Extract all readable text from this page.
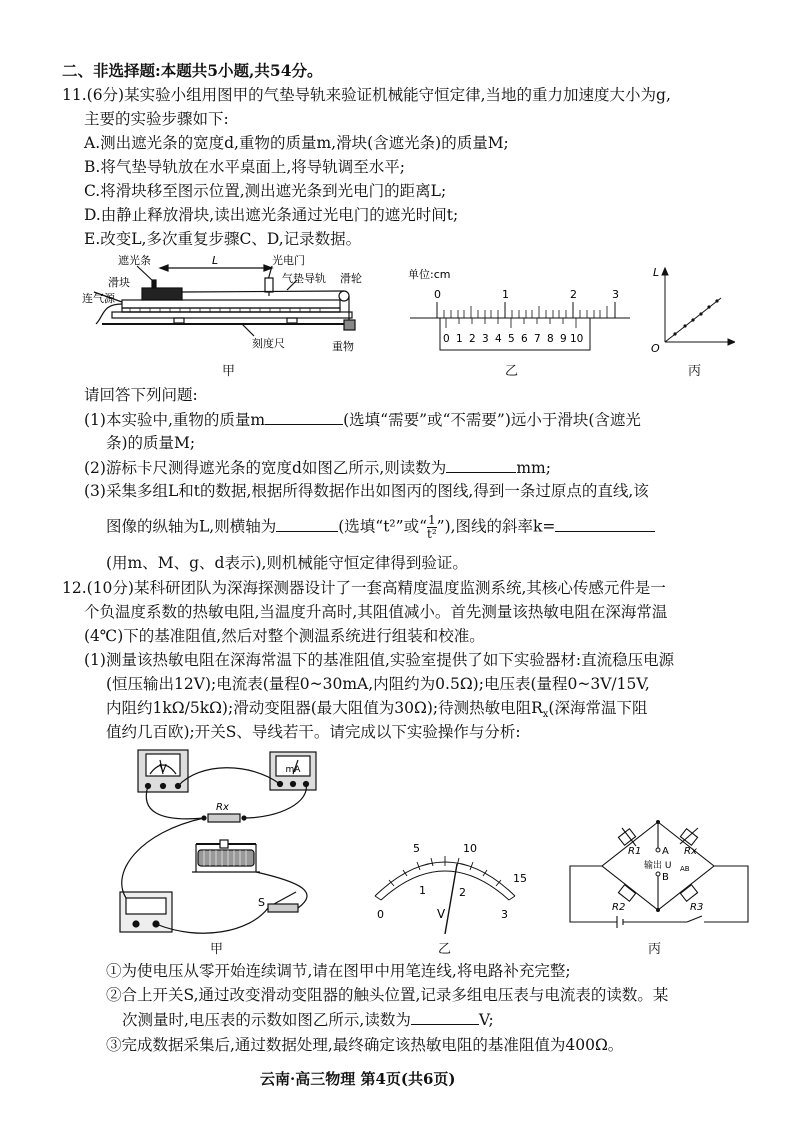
二、非选择题:本题共5小题,共54分。
11.(6分)某实验小组用图甲的气垫导轨来验证机械能守恒定律,当地的重力加速度大小为g,
主要的实验步骤如下:
A.测出遮光条的宽度d,重物的质量m,滑块(含遮光条)的质量M;
B.将气垫导轨放在水平桌面上,将导轨调至水平;
C.将滑块移至图示位置,测出遮光条到光电门的距离L;
D.由静止释放滑块,读出遮光条通过光电门的遮光时间t;
E.改变L,多次重复步骤C、D,记录数据。
遮光条
滑块
L	光电门
气垫导轨 滑轮
连气源
刻度尺	重物
甲
单位:cm
0	1	2	3
0 1 2 3 4 5 6 7 8 9 10
乙
L
O
丙
请回答下列问题:
(1)本实验中,重物的质量m	(选填“需要”或“不需要”)远小于滑块(含遮光
条)的质量M;
(2)游标卡尺测得遮光条的宽度d如图乙所示,则读数为	mm;
(3)采集多组L和t的数据,根据所得数据作出如图丙的图线,得到一条过原点的直线,该
图像的纵轴为L,则横轴为	(选填“t²”或“ $\frac{1}{\text{t²}}$ ”),图线的斜率k=
(用m、M、g、d表示),则机械能守恒定律得到验证。
12.(10分)某科研团队为深海探测器设计了一套高精度温度监测系统,其核心传感元件是一
个负温度系数的热敏电阻,当温度升高时,其阻值减小。首先测量该热敏电阻在深海常温
(4℃)下的基准阻值,然后对整个测温系统进行组装和校准。
(1)测量该热敏电阻在深海常温下的基准阻值,实验室提供了如下实验器材:直流稳压电源
(恒压输出12V);电流表(量程0~30mA,内阻约为0.5Ω);电压表(量程0~3V/15V,
内阻约1kΩ/5kΩ);滑动变阻器(最大阻值为30Ω);待测热敏电阻$R_x$(深海常温下阻
值约几百欧);开关S、导线若干。请完成以下实验操作与分析:
V	mA
Rx
S
甲
5	10
15
0
1	2
3
V
乙
R1	Rx
R2	R3
A
B
输出 U AB
丙
①为使电压从零开始连续调节,请在图甲中用笔连线,将电路补充完整;
②合上开关S,通过改变滑动变阻器的触头位置,记录多组电压表与电流表的读数。某
次测量时,电压表的示数如图乙所示,读数为	V;
③完成数据采集后,通过数据处理,最终确定该热敏电阻的基准阻值为400Ω。
云南·高三物理 第4页(共6页)
